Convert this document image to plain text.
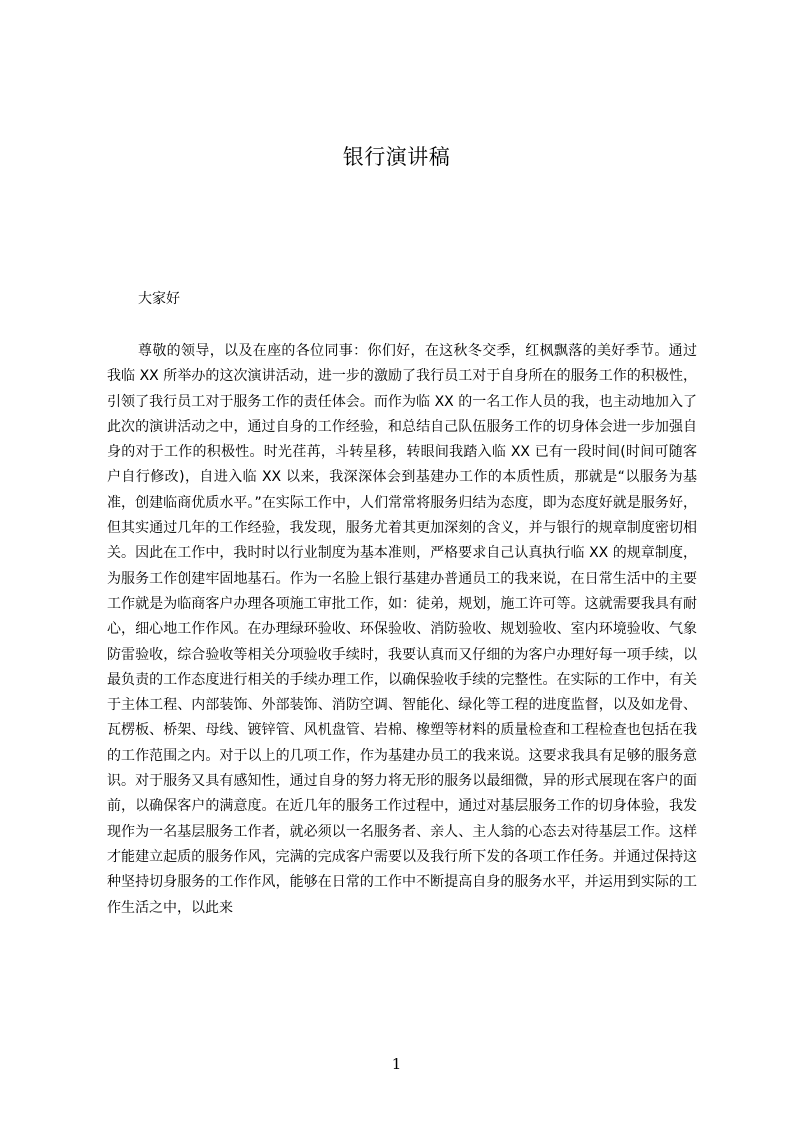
银行演讲稿
大家好

尊敬的领导，以及在座的各位同事：你们好，在这秋冬交季，红枫飘落的美好季节。通过我临 XX 所举办的这次演讲活动，进一步的激励了我行员工对于自身所在的服务工作的积极性，引领了我行员工对于服务工作的责任体会。而作为临 XX 的一名工作人员的我，也主动地加入了此次的演讲活动之中，通过自身的工作经验，和总结自己队伍服务工作的切身体会进一步加强自身的对于工作的积极性。时光荏苒，斗转星移，转眼间我踏入临 XX 已有一段时间(时间可随客户自行修改)，自进入临 XX 以来，我深深体会到基建办工作的本质性质，那就是“以服务为基准，创建临商优质水平。”在实际工作中，人们常常将服务归结为态度，即为态度好就是服务好，但其实通过几年的工作经验，我发现，服务尤着其更加深刻的含义，并与银行的规章制度密切相关。因此在工作中，我时时以行业制度为基本准则，严格要求自己认真执行临 XX 的规章制度，为服务工作创建牢固地基石。作为一名脸上银行基建办普通员工的我来说，在日常生活中的主要工作就是为临商客户办理各项施工审批工作，如：徒弟，规划，施工许可等。这就需要我具有耐心，细心地工作作风。在办理绿环验收、环保验收、消防验收、规划验收、室内环境验收、气象防雷验收，综合验收等相关分项验收手续时，我要认真而又仔细的为客户办理好每一项手续，以最负责的工作态度进行相关的手续办理工作，以确保验收手续的完整性。在实际的工作中，有关于主体工程、内部装饰、外部装饰、消防空调、智能化、绿化等工程的进度监督，以及如龙骨、瓦楞板、桥架、母线、镀锌管、风机盘管、岩棉、橡塑等材料的质量检查和工程检查也包括在我的工作范围之内。对于以上的几项工作，作为基建办员工的我来说。这要求我具有足够的服务意识。对于服务又具有感知性，通过自身的努力将无形的服务以最细微，异的形式展现在客户的面前，以确保客户的满意度。在近几年的服务工作过程中，通过对基层服务工作的切身体验，我发现作为一名基层服务工作者，就必须以一名服务者、亲人、主人翁的心态去对待基层工作。这样才能建立起质的服务作风，完满的完成客户需要以及我行所下发的各项工作任务。并通过保持这种坚持切身服务的工作作风，能够在日常的工作中不断提高自身的服务水平，并运用到实际的工作生活之中，以此来

1
